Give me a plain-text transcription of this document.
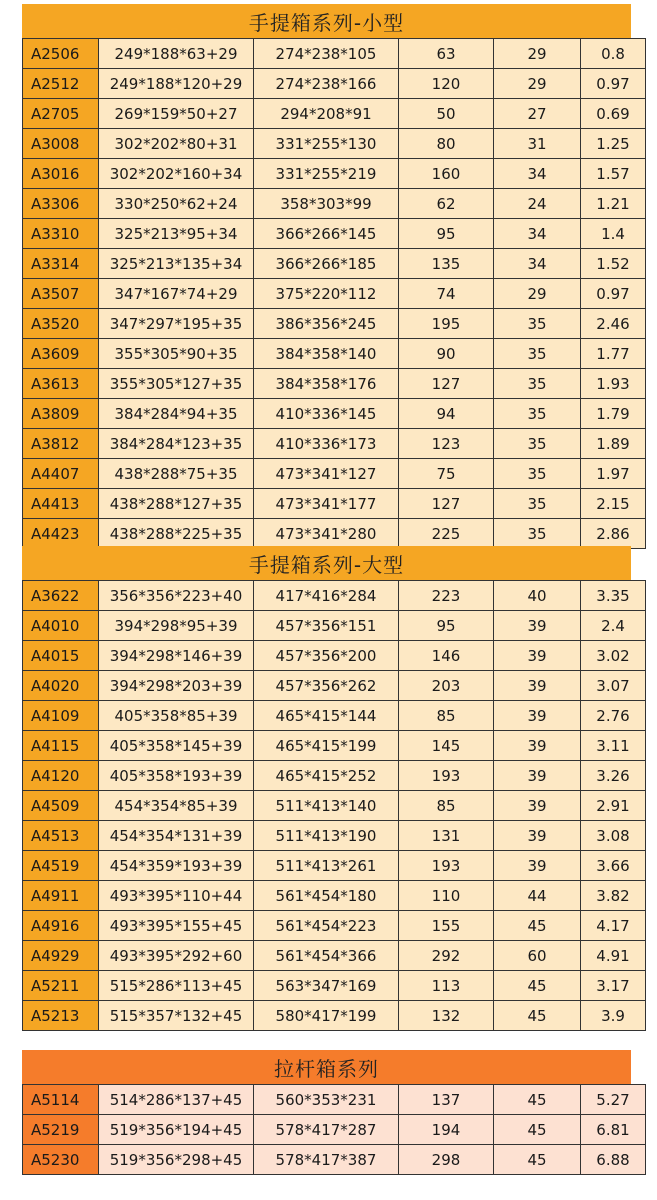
手提箱系列-小型
A2506	249*188*63+29	274*238*105	63	29	0.8
A2512	249*188*120+29	274*238*166	120	29	0.97
A2705	269*159*50+27	294*208*91	50	27	0.69
A3008	302*202*80+31	331*255*130	80	31	1.25
A3016	302*202*160+34	331*255*219	160	34	1.57
A3306	330*250*62+24	358*303*99	62	24	1.21
A3310	325*213*95+34	366*266*145	95	34	1.4
A3314	325*213*135+34	366*266*185	135	34	1.52
A3507	347*167*74+29	375*220*112	74	29	0.97
A3520	347*297*195+35	386*356*245	195	35	2.46
A3609	355*305*90+35	384*358*140	90	35	1.77
A3613	355*305*127+35	384*358*176	127	35	1.93
A3809	384*284*94+35	410*336*145	94	35	1.79
A3812	384*284*123+35	410*336*173	123	35	1.89
A4407	438*288*75+35	473*341*127	75	35	1.97
A4413	438*288*127+35	473*341*177	127	35	2.15
A4423	438*288*225+35	473*341*280	225	35	2.86
手提箱系列-大型
A3622	356*356*223+40	417*416*284	223	40	3.35
A4010	394*298*95+39	457*356*151	95	39	2.4
A4015	394*298*146+39	457*356*200	146	39	3.02
A4020	394*298*203+39	457*356*262	203	39	3.07
A4109	405*358*85+39	465*415*144	85	39	2.76
A4115	405*358*145+39	465*415*199	145	39	3.11
A4120	405*358*193+39	465*415*252	193	39	3.26
A4509	454*354*85+39	511*413*140	85	39	2.91
A4513	454*354*131+39	511*413*190	131	39	3.08
A4519	454*359*193+39	511*413*261	193	39	3.66
A4911	493*395*110+44	561*454*180	110	44	3.82
A4916	493*395*155+45	561*454*223	155	45	4.17
A4929	493*395*292+60	561*454*366	292	60	4.91
A5211	515*286*113+45	563*347*169	113	45	3.17
A5213	515*357*132+45	580*417*199	132	45	3.9
拉杆箱系列
A5114	514*286*137+45	560*353*231	137	45	5.27
A5219	519*356*194+45	578*417*287	194	45	6.81
A5230	519*356*298+45	578*417*387	298	45	6.88
